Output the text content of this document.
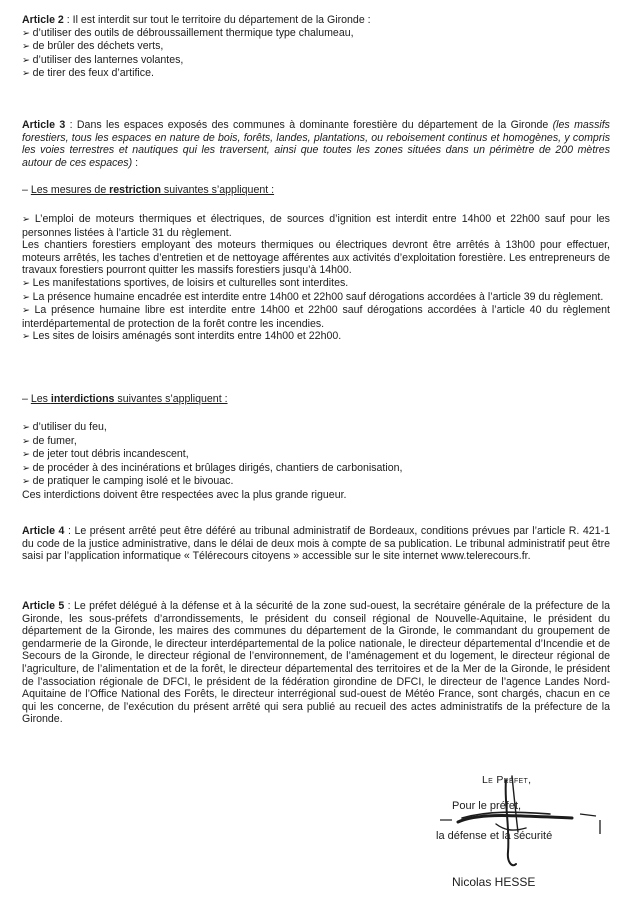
Article 2 : Il est interdit sur tout le territoire du département de la Gironde :

➢ d’utiliser des outils de débroussaillement thermique type chalumeau,

➢ de brûler des déchets verts,

➢ d’utiliser des lanternes volantes,

➢ de tirer des feux d’artifice.

Article 3 : Dans les espaces exposés des communes à dominante forestière du département de la Gironde (les massifs forestiers, tous les espaces en nature de bois, forêts, landes, plantations, ou reboisement continus et homogènes, y compris les voies terrestres et nautiques qui les traversent, ainsi que toutes les zones situées dans un périmètre de 200 mètres autour de ces espaces) :

– Les mesures de restriction suivantes s’appliquent :

➢ L’emploi de moteurs thermiques et électriques, de sources d’ignition est interdit entre 14h00 et 22h00 sauf pour les personnes listées à l’article 31 du règlement.

Les chantiers forestiers employant des moteurs thermiques ou électriques devront être arrêtés à 13h00 pour effectuer, moteurs arrêtés, les taches d’entretien et de nettoyage afférentes aux activités d’exploitation forestière. Les entrepreneurs de travaux forestiers pourront quitter les massifs forestiers jusqu’à 14h00.

➢ Les manifestations sportives, de loisirs et culturelles sont interdites.

➢ La présence humaine encadrée est interdite entre 14h00 et 22h00 sauf dérogations accordées à l’article 39 du règlement.

➢ La présence humaine libre est interdite entre 14h00 et 22h00 sauf dérogations accordées à l’article 40 du règlement interdépartemental de protection de la forêt contre les incendies.

➢ Les sites de loisirs aménagés sont interdits entre 14h00 et 22h00.

– Les interdictions suivantes s’appliquent :

➢ d’utiliser du feu,

➢ de fumer,

➢ de jeter tout débris incandescent,

➢ de procéder à des incinérations et brûlages dirigés, chantiers de carbonisation,

➢ de pratiquer le camping isolé et le bivouac.

Ces interdictions doivent être respectées avec la plus grande rigueur.

Article 4 : Le présent arrêté peut être déféré au tribunal administratif de Bordeaux, conditions prévues par l’article R. 421-1 du code de la justice administrative, dans le délai de deux mois à compte de sa publication. Le tribunal administratif peut être saisi par l’application informatique « Télérecours citoyens » accessible sur le site internet www.telerecours.fr.

Article 5 : Le préfet délégué à la défense et à la sécurité de la zone sud-ouest, la secrétaire générale de la préfecture de la Gironde, les sous-préfets d’arrondissements, le président du conseil régional de Nouvelle-Aquitaine, le président du département de la Gironde, les maires des communes du département de la Gironde, le commandant du groupement de gendarmerie de la Gironde, le directeur interdépartemental de la police nationale, le directeur départemental d’Incendie et de Secours de la Gironde, le directeur régional de l’environnement, de l’aménagement et du logement, le directeur régional de l’agriculture, de l’alimentation et de la forêt, le directeur départemental des territoires et de la Mer de la Gironde, le président de l’association régionale de DFCI, le président de la fédération girondine de DFCI, le directeur de l’agence Landes Nord-Aquitaine de l’Office National des Forêts, le directeur interrégional sud-ouest de Météo France, sont chargés, chacun en ce qui les concerne, de l’exécution du présent arrêté qui sera publié au recueil des actes administratifs de la préfecture de la Gironde.

Le Préfet,
Pour le préfet,
la défense et la sécurité
Nicolas HESSE
